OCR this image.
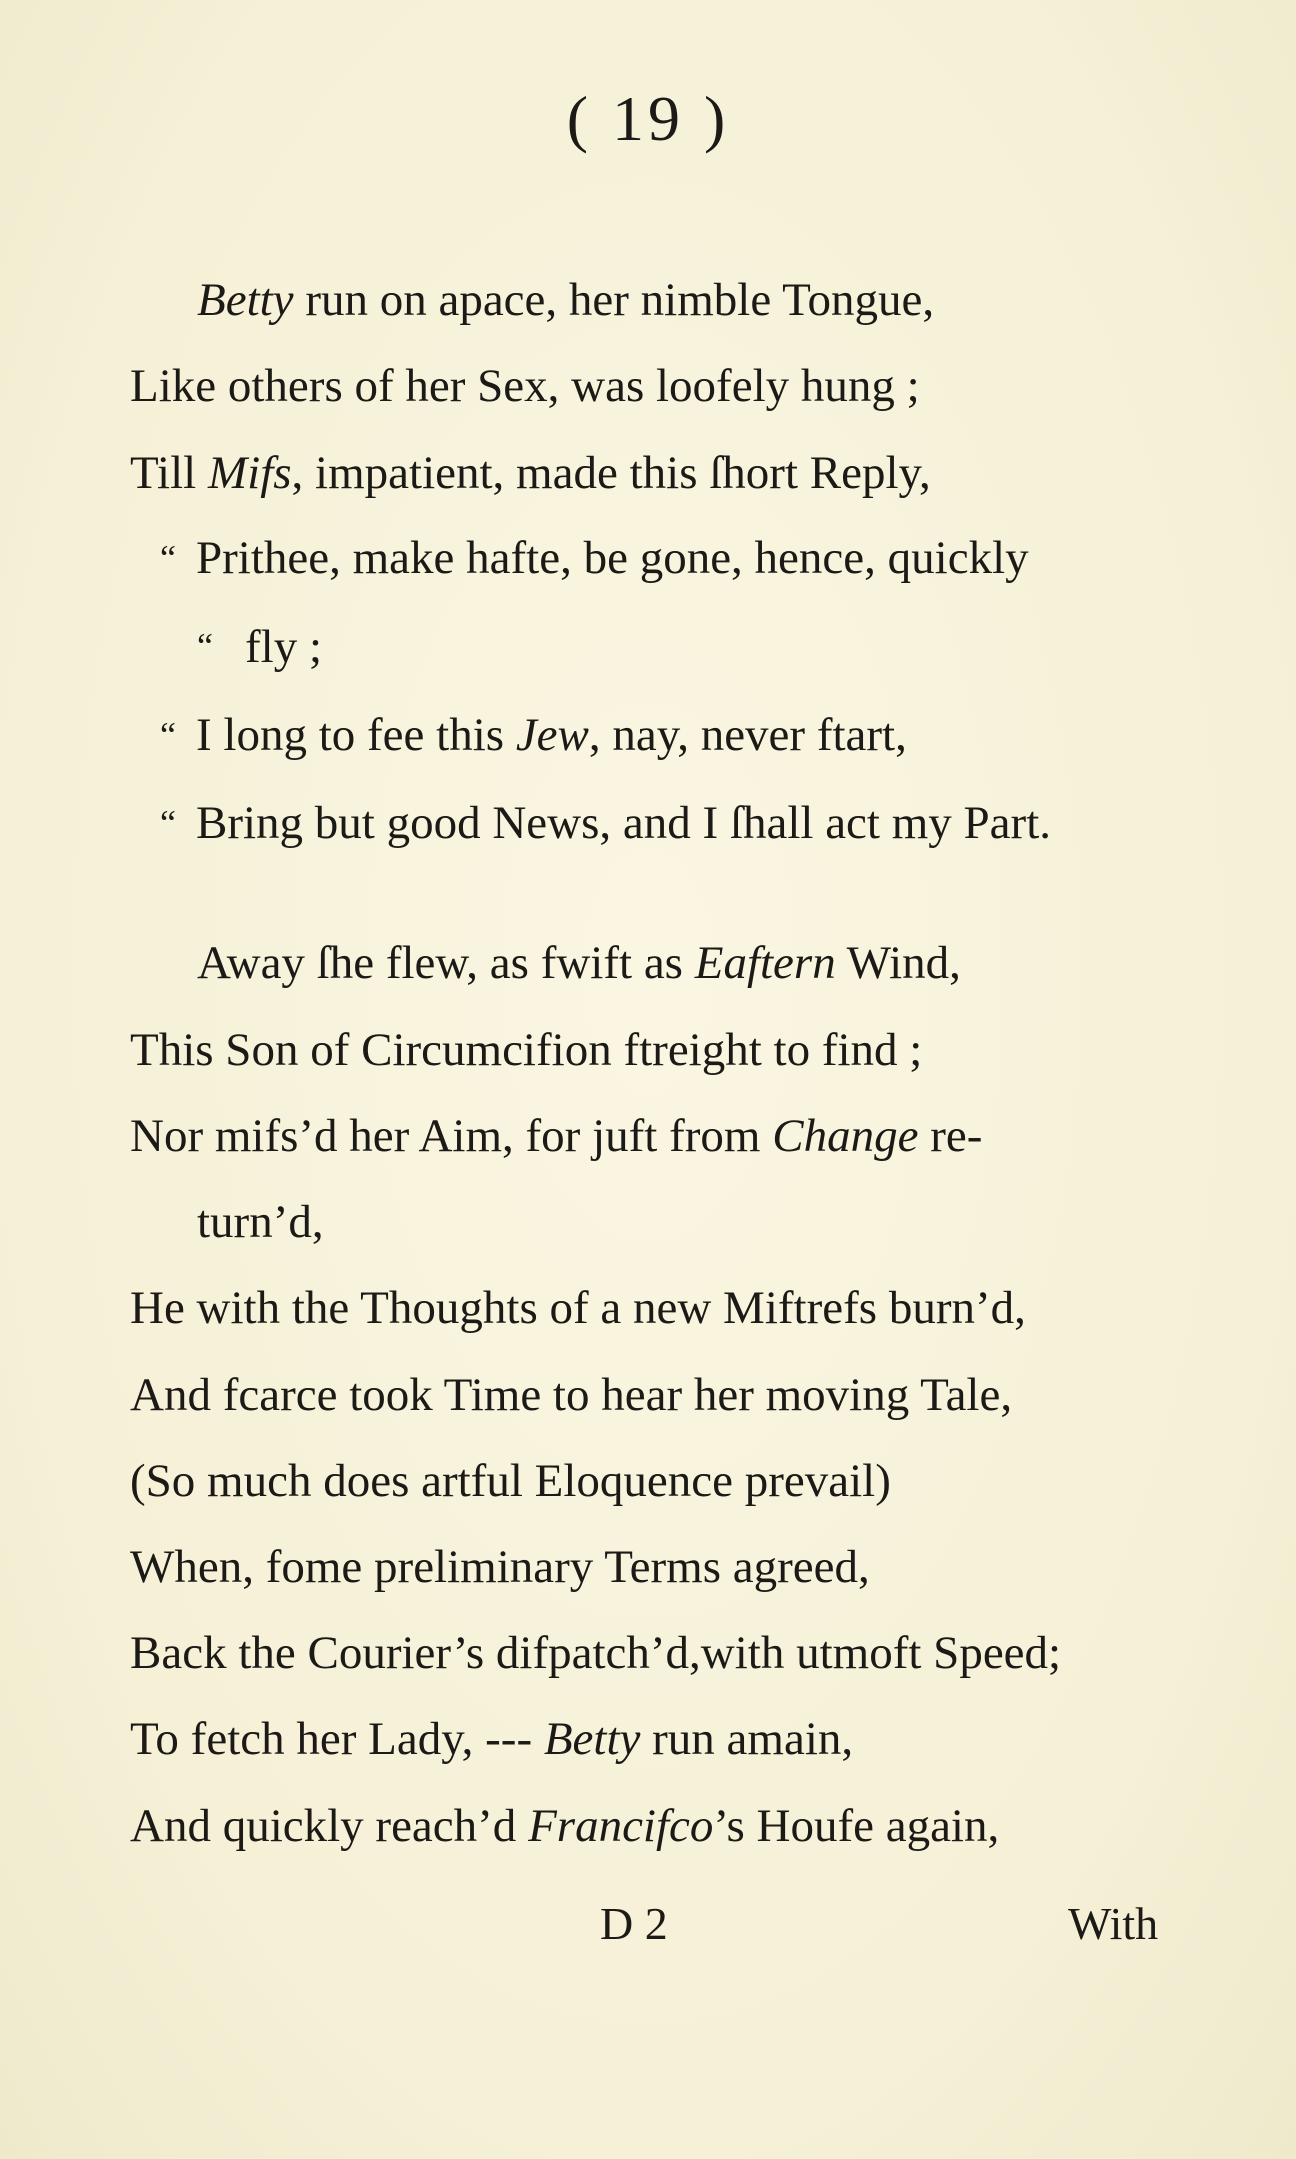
( 19 )
Betty run on apace, her nimble Tongue,
Like others of her Sex, was loofely hung ;
Till Mifs, impatient, made this ſhort Reply,
“ Prithee, make hafte, be gone, hence, quickly
“ fly ;
“ I long to fee this Jew, nay, never ftart,
“ Bring but good News, and I ſhall act my Part.
Away ſhe flew, as fwift as Eaftern Wind,
This Son of Circumcifion ftreight to find ;
Nor mifs’d her Aim, for juft from Change re-
turn’d,
He with the Thoughts of a new Miftrefs burn’d,
And fcarce took Time to hear her moving Tale,
(So much does artful Eloquence prevail)
When, fome preliminary Terms agreed,
Back the Courier’s difpatch’d,with utmoft Speed;
To fetch her Lady, --- Betty run amain,
And quickly reach’d Francifco’s Houfe again,
D 2	With
